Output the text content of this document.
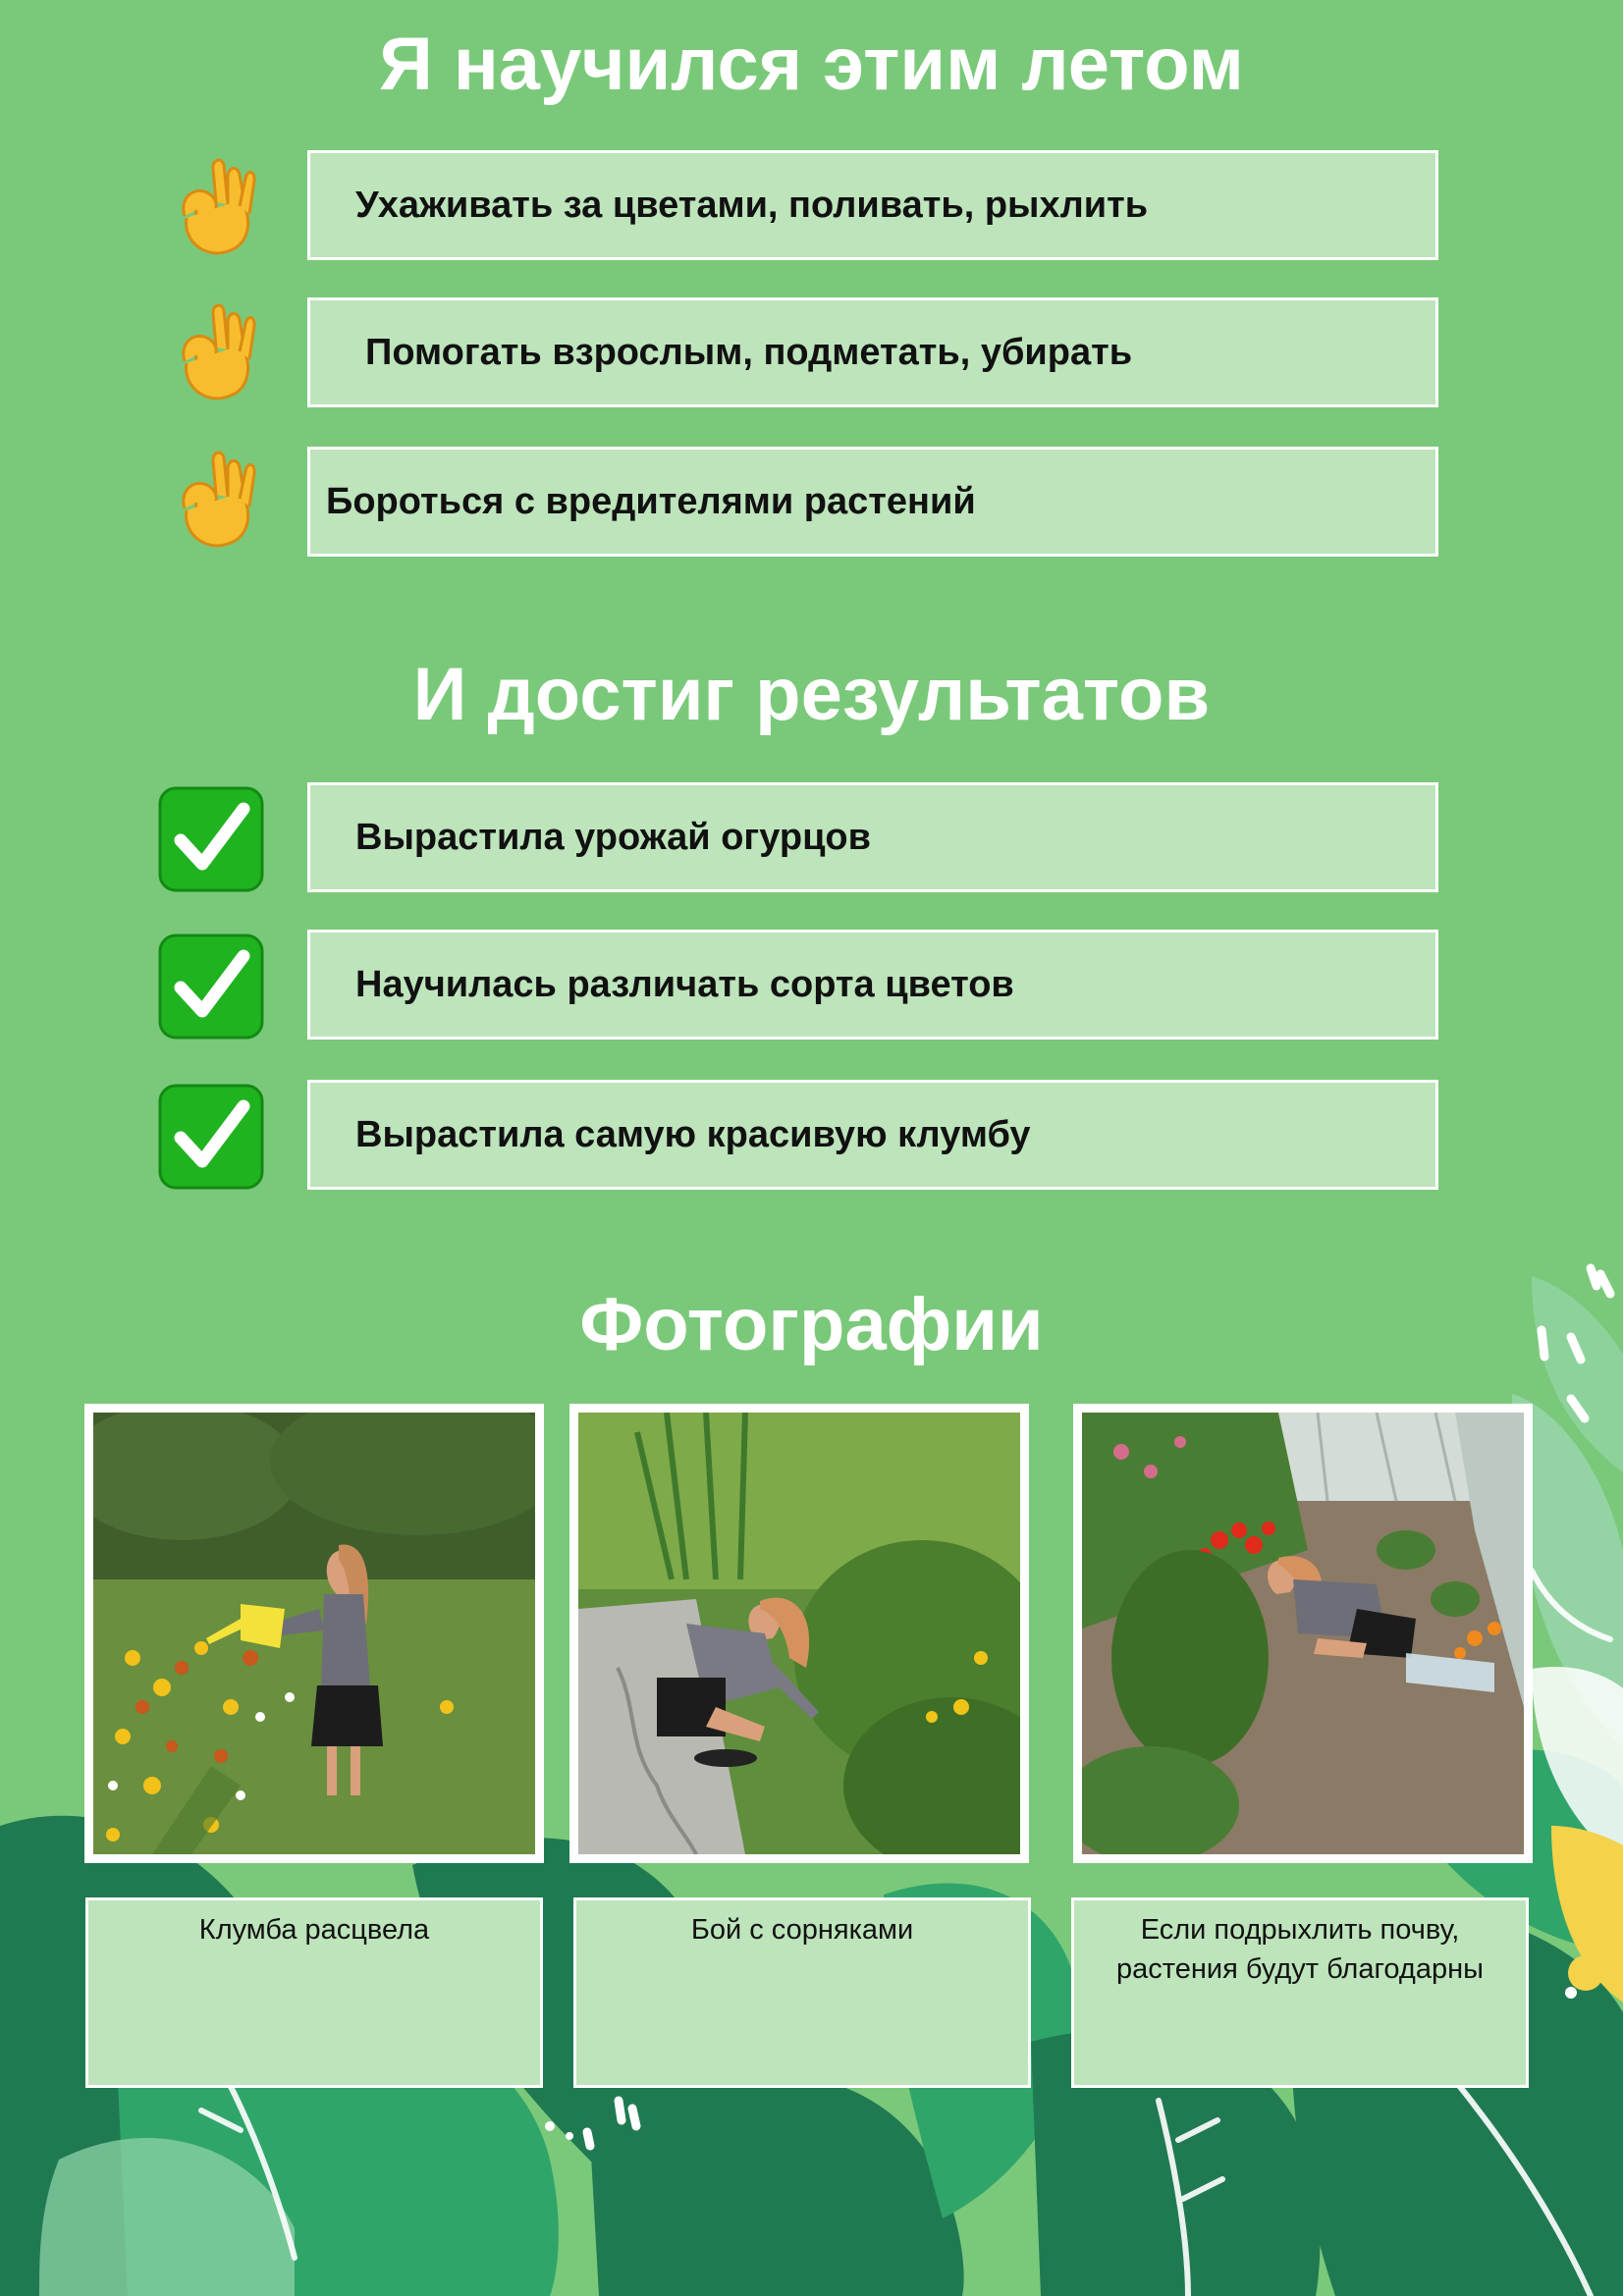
Я научился этим летом
Ухаживать за цветами, поливать, рыхлить
Помогать взрослым, подметать, убирать
Бороться с вредителями растений
И достиг результатов
Вырастила урожай огурцов
Научилась различать сорта цветов
Вырастила самую красивую клумбу
Фотографии
Клумба расцвела	Бой с сорняками	Если подрыхлить почву, растения будут благодарны
